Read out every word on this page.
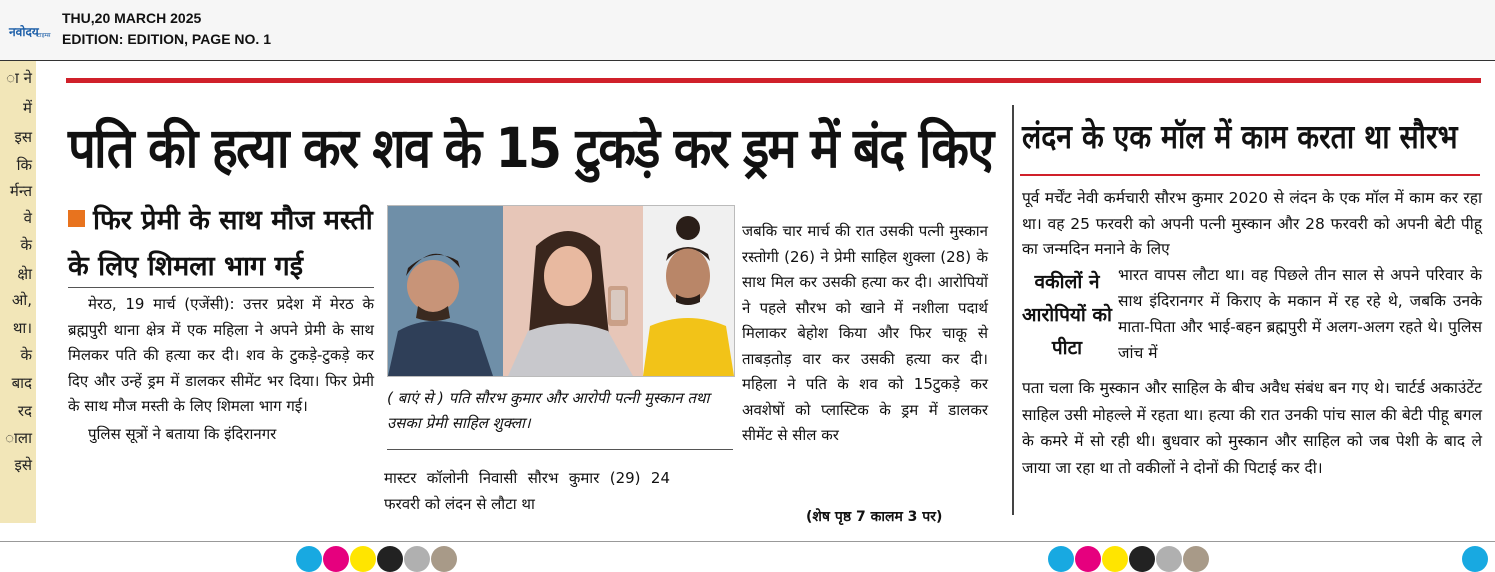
नवोदय
टाइम्स
THU,20 MARCH 2025
EDITION: EDITION, PAGE NO. 1
ा ने
में
इस
कि
र्मन्त
वे
के
क्षेा
ओ,
था।
के
बाद
रद
ाला
इसे
पति की हत्या कर शव के 15 टुकड़े कर ड्रम में बंद किए लंदन के एक मॉल में काम करता था सौरभ
फिर प्रेमी के साथ मौज मस्ती के लिए शिमला भाग गई

मेरठ, 19 मार्च (एजेंसी): उत्तर प्रदेश में मेरठ के ब्रह्मपुरी थाना क्षेत्र में एक महिला ने अपने प्रेमी के साथ मिलकर पति की हत्या कर दी। शव के टुकड़े-टुकड़े कर दिए और उन्हें ड्रम में डालकर सीमेंट भर दिया। फिर प्रेमी के साथ मौज मस्ती के लिए शिमला भाग गई।

पुलिस सूत्रों ने बताया कि इंदिरानगर

( बाएं से ) पति सौरभ कुमार और आरोपी पत्नी मुस्कान तथा उसका प्रेमी साहिल शुक्ला।
मास्टर कॉलोनी निवासी सौरभ कुमार (29) 24 फरवरी को लंदन से लौटा था
जबकि चार मार्च की रात उसकी पत्नी मुस्कान रस्तोगी (26) ने प्रेमी साहिल शुक्ला (28) के साथ मिल कर उसकी हत्या कर दी। आरोपियों ने पहले सौरभ को खाने में नशीला पदार्थ मिलाकर बेहोश किया और फिर चाकू से ताबड़तोड़ वार कर उसकी हत्या कर दी। महिला ने पति के शव को 15टुकड़े कर अवशेषों को प्लास्टिक के ड्रम में डालकर सीमेंट से सील कर
(शेष पृष्ठ 7 कालम 3 पर)
पूर्व मर्चेंट नेवी कर्मचारी सौरभ कुमार 2020 से लंदन के एक मॉल में काम कर रहा था। वह 25 फरवरी को अपनी पत्नी मुस्कान और 28 फरवरी को अपनी बेटी पीहू का जन्मदिन मनाने के लिए
वकीलों ने आरोपियों को पीटा
भारत वापस लौटा था। वह पिछले तीन साल से अपने परिवार के साथ इंदिरानगर में किराए के मकान में रह रहे थे, जबकि उनके माता-पिता और भाई-बहन ब्रह्मपुरी में अलग-अलग रहते थे। पुलिस जांच में
पता चला कि मुस्कान और साहिल के बीच अवैध संबंध बन गए थे। चार्टर्ड अकाउंटेंट साहिल उसी मोहल्ले में रहता था। हत्या की रात उनकी पांच साल की बेटी पीहू बगल के कमरे में सो रही थी। बुधवार को मुस्कान और साहिल को जब पेशी के बाद ले जाया जा रहा था तो वकीलों ने दोनों की पिटाई कर दी।
